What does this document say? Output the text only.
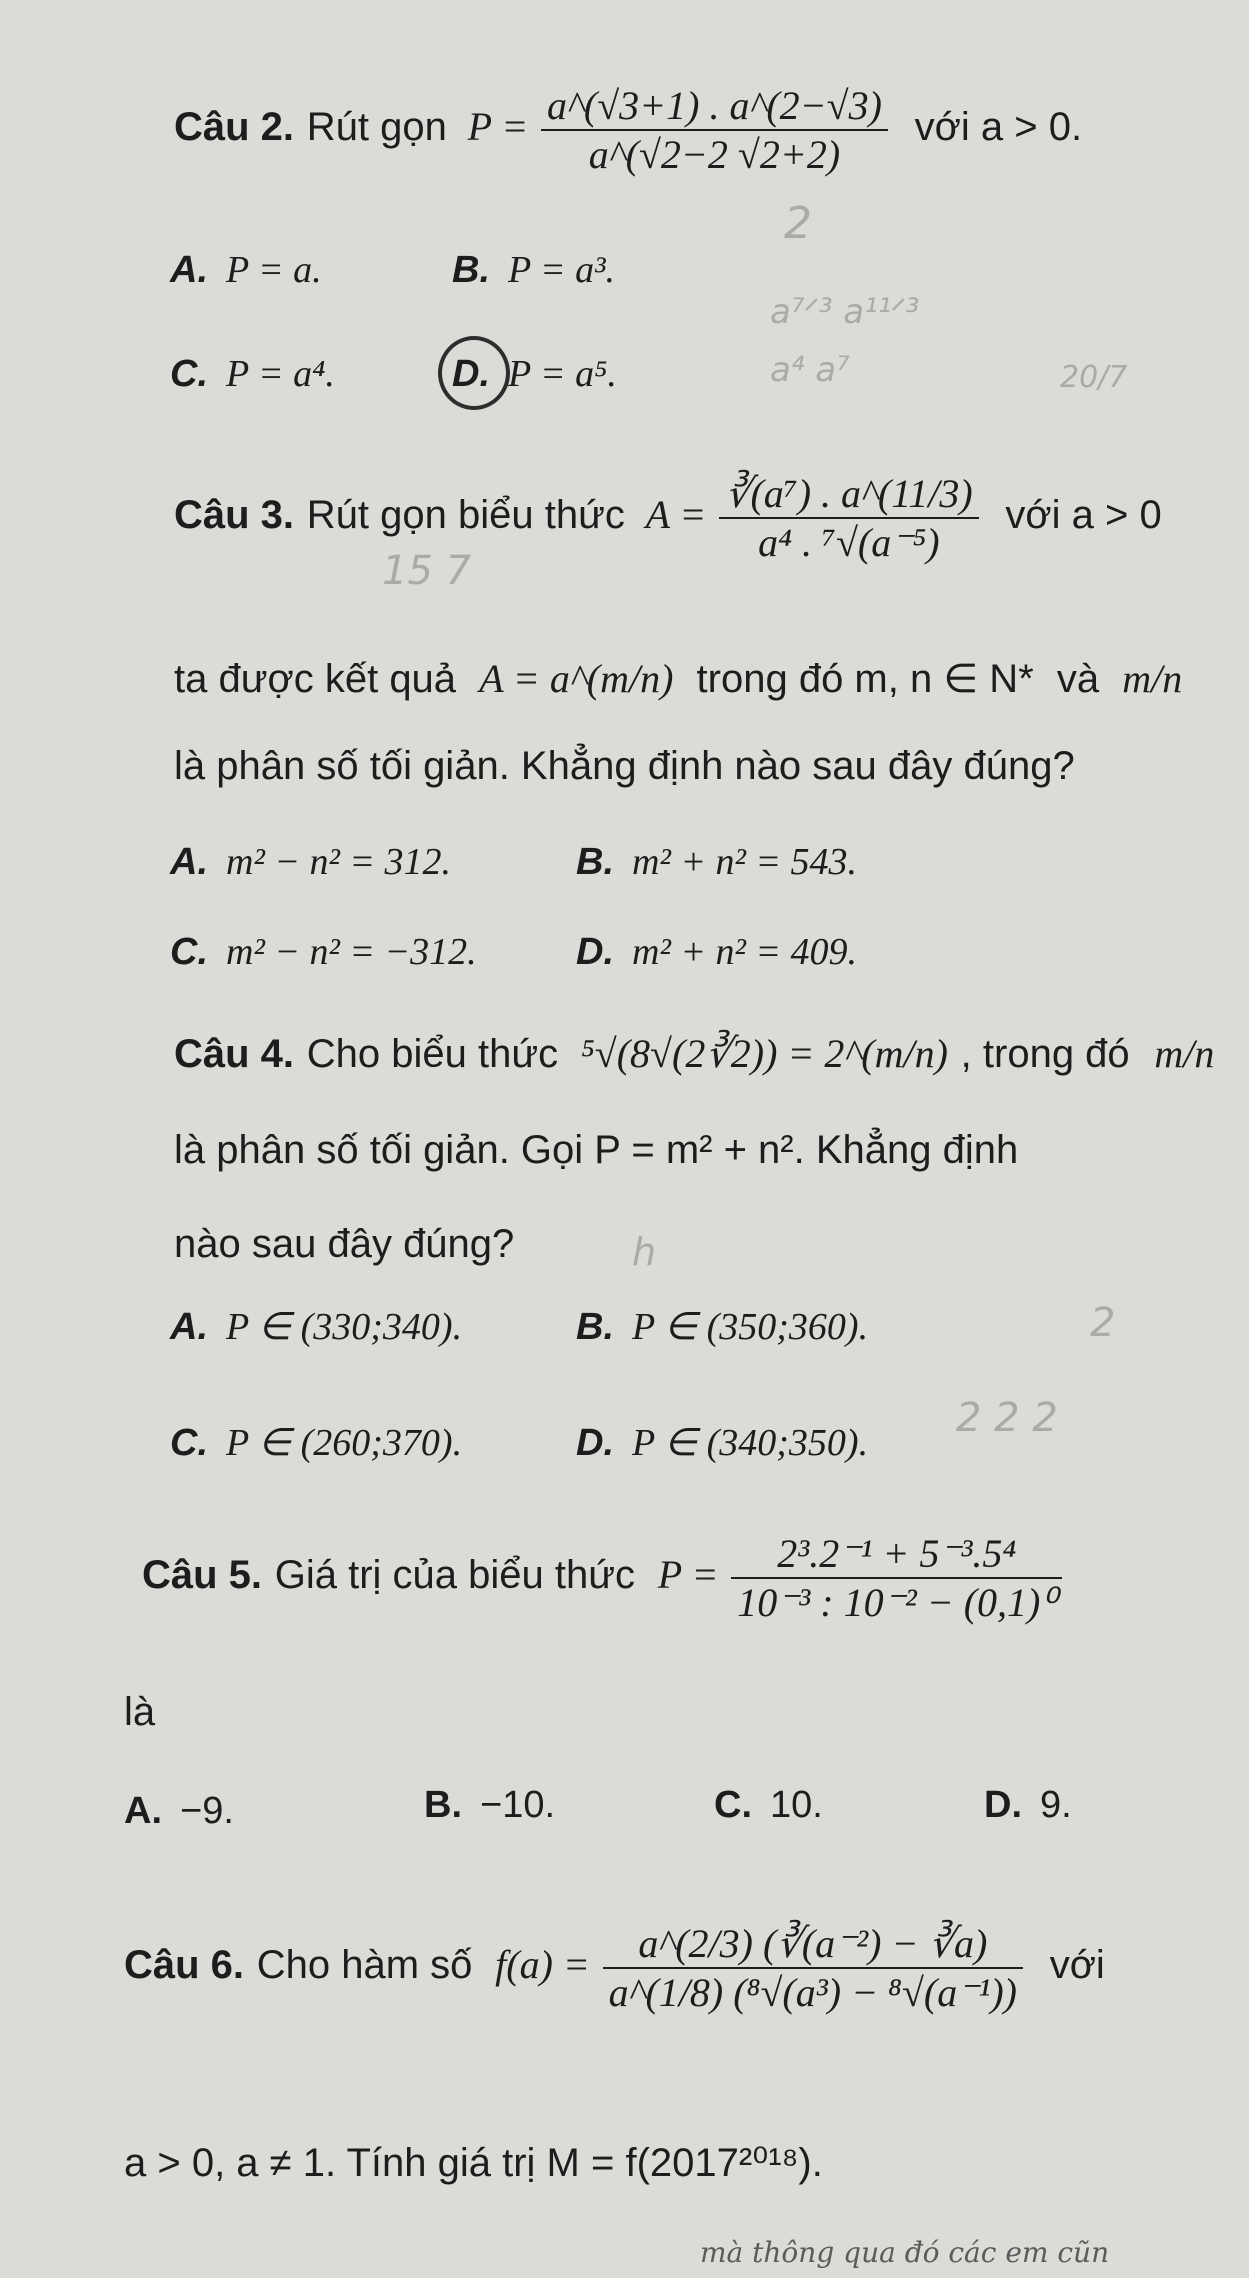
Câu 2. Rút gọn $P = \frac{a\^{}(√3+1) . a\^{}(2-√3)}{a\^{}(√2-2 √2+2)}$ với a > 0.
A. P = a.	B. P = a³.
C. P = a⁴.	D. P = a⁵.
Câu 3. Rút gọn biểu thức $A = \frac{\text{∛(a⁷) . a\textasciicircum{}(11/3)}}{\text{a⁴ . ⁷√(a⁻⁵)}}$ với a > 0
ta được kết quả A = a^(m/n) trong đó m, n ∈ N* và m/n
là phân số tối giản. Khẳng định nào sau đây đúng?
A. m² − n² = 312.	B. m² + n² = 543.
C. m² − n² = −312.	D. m² + n² = 409.
Câu 4. Cho biểu thức ⁵√(8√(2∛2)) = 2^(m/n) , trong đó m/n
là phân số tối giản. Gọi P = m² + n². Khẳng định
nào sau đây đúng?
A. P ∈ (330;340).	B. P ∈ (350;360).
C. P ∈ (260;370).	D. P ∈ (340;350).
Câu 5. Giá trị của biểu thức $P = \frac{\text{2³.2⁻¹ + 5⁻³.5⁴}}{\text{10⁻³ : 10⁻² − (0,1)⁰}}$
là
A. −9.	B. −10.	C. 10.	D. 9.
Câu 6. Cho hàm số $f(a) = \frac{\text{a\textasciicircum{}(2/3) (∛(a⁻²) − ∛a)}}{\text{a\textasciicircum{}(1/8) (⁸√(a³) − ⁸√(a⁻¹))}}$ với
a > 0, a ≠ 1. Tính giá trị M = f(2017²⁰¹⁸).
mà thông qua đó các em cũn
2
a⁷ᐟ³ a¹¹ᐟ³
a⁴ a⁷	20/7
15 7
2
2 2 2
h
